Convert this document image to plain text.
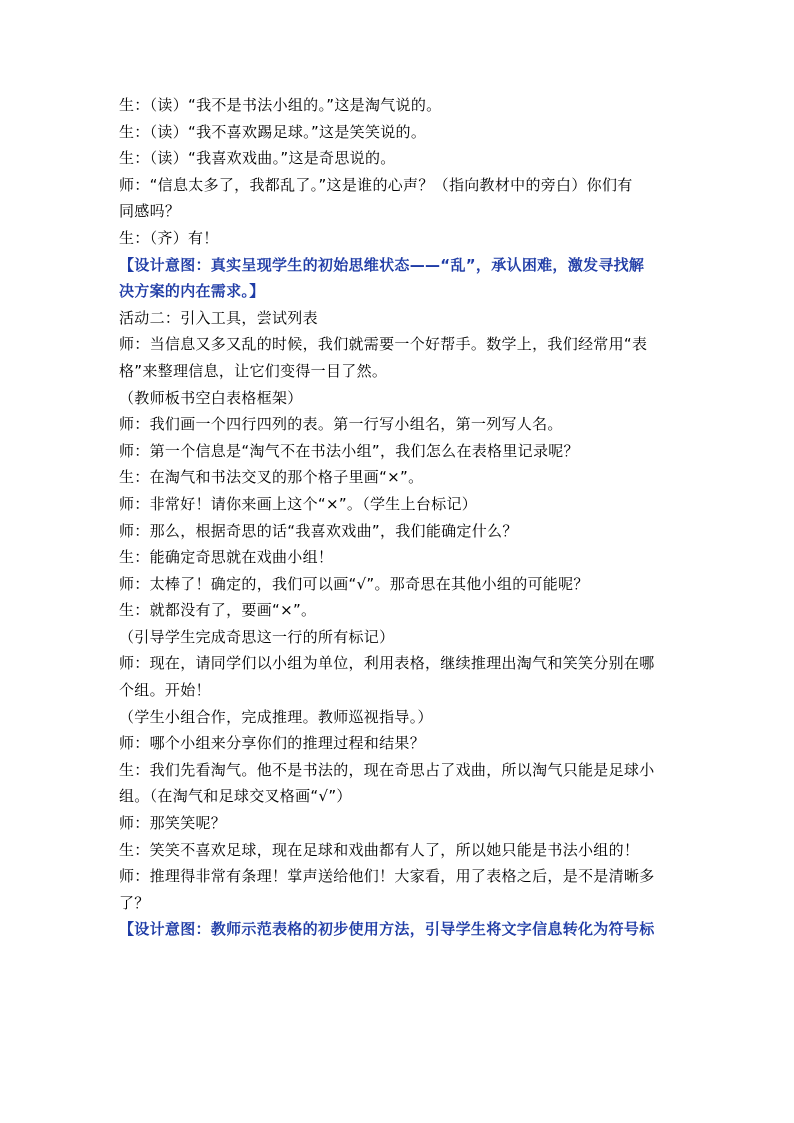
生：（读）“我不是书法小组的。”这是淘气说的。
生：（读）“我不喜欢踢足球。”这是笑笑说的。
生：（读）“我喜欢戏曲。”这是奇思说的。
师：“信息太多了，我都乱了。”这是谁的心声？（指向教材中的旁白）你们有
同感吗？
生：（齐）有！
【设计意图：真实呈现学生的初始思维状态——“乱”，承认困难，激发寻找解
决方案的内在需求。】
活动二：引入工具，尝试列表
师：当信息又多又乱的时候，我们就需要一个好帮手。数学上，我们经常用“表
格”来整理信息，让它们变得一目了然。
（教师板书空白表格框架）
师：我们画一个四行四列的表。第一行写小组名，第一列写人名。
师：第一个信息是“淘气不在书法小组”，我们怎么在表格里记录呢？
生：在淘气和书法交叉的那个格子里画“×”。
师：非常好！请你来画上这个“×”。（学生上台标记）
师：那么，根据奇思的话“我喜欢戏曲”，我们能确定什么？
生：能确定奇思就在戏曲小组！
师：太棒了！确定的，我们可以画“√”。那奇思在其他小组的可能呢？
生：就都没有了，要画“×”。
（引导学生完成奇思这一行的所有标记）
师：现在，请同学们以小组为单位，利用表格，继续推理出淘气和笑笑分别在哪
个组。开始！
（学生小组合作，完成推理。教师巡视指导。）
师：哪个小组来分享你们的推理过程和结果？
生：我们先看淘气。他不是书法的，现在奇思占了戏曲，所以淘气只能是足球小
组。（在淘气和足球交叉格画“√”）
师：那笑笑呢？
生：笑笑不喜欢足球，现在足球和戏曲都有人了，所以她只能是书法小组的！
师：推理得非常有条理！掌声送给他们！大家看，用了表格之后，是不是清晰多
了？
【设计意图：教师示范表格的初步使用方法，引导学生将文字信息转化为符号标
